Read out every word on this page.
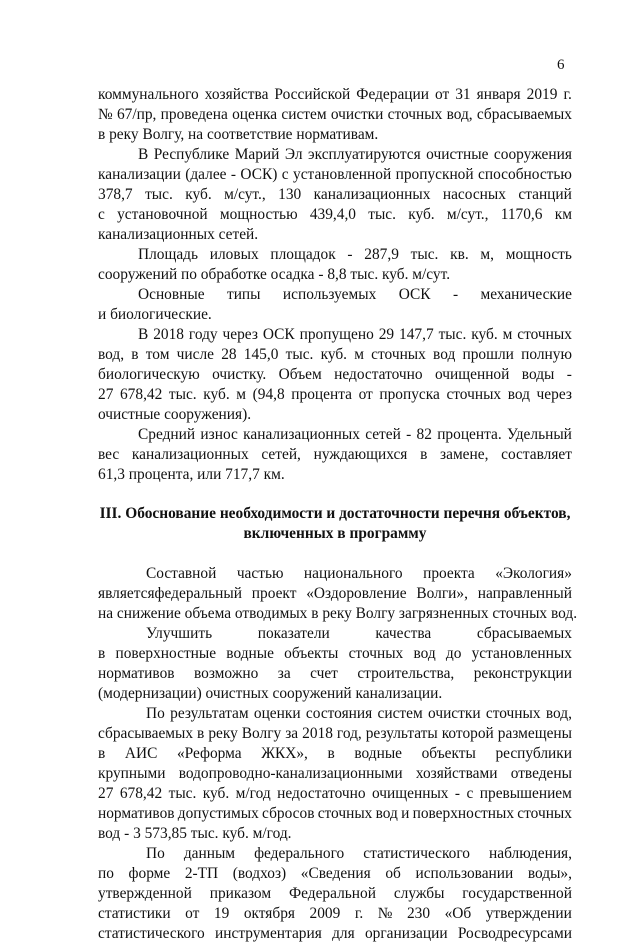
6
коммунального хозяйства Российской Федерации от 31 января 2019 г.
№ 67/пр, проведена оценка систем очистки сточных вод, сбрасываемых
в реку Волгу, на соответствие нормативам.
В Республике Марий Эл эксплуатируются очистные сооружения
канализации (далее - ОСК) с установленной пропускной способностью
378,7 тыс. куб. м/сут., 130 канализационных насосных станций
с установочной мощностью 439,4,0 тыс. куб. м/сут., 1170,6 км
канализационных сетей.
Площадь иловых площадок - 287,9 тыс. кв. м, мощность
сооружений по обработке осадка - 8,8 тыс. куб. м/сут.
Основные типы используемых ОСК - механические
и биологические.
В 2018 году через ОСК пропущено 29 147,7 тыс. куб. м сточных
вод, в том числе 28 145,0 тыс. куб. м сточных вод прошли полную
биологическую очистку. Объем недостаточно очищенной воды -
27 678,42 тыс. куб. м (94,8 процента от пропуска сточных вод через
очистные сооружения).
Средний износ канализационных сетей - 82 процента. Удельный
вес канализационных сетей, нуждающихся в замене, составляет
61,3 процента, или 717,7 км.
III. Обоснование необходимости и достаточности перечня объектов,
включенных в программу
Составной частью национального проекта «Экология»
являетсяфедеральный проект «Оздоровление Волги», направленный
на снижение объема отводимых в реку Волгу загрязненных сточных вод.
Улучшить	показатели	качества	сбрасываемых
в поверхностные водные объекты сточных вод до установленных
нормативов возможно за счет строительства, реконструкции
(модернизации) очистных сооружений канализации.
По результатам оценки состояния систем очистки сточных вод,
сбрасываемых в реку Волгу за 2018 год, результаты которой размещены
в АИС «Реформа ЖКХ», в водные объекты республики
крупными водопроводно-канализационными хозяйствами отведены
27 678,42 тыс. куб. м/год недостаточно очищенных - с превышением
нормативов допустимых сбросов сточных вод и поверхностных сточных
вод - 3 573,85 тыс. куб. м/год.
По данным федерального статистического наблюдения,
по форме 2-ТП (водхоз) «Сведения об использовании воды»,
утвержденной приказом Федеральной службы государственной
статистики от 19 октября 2009 г. № 230 «Об утверждении
статистического инструментария для организации Росводресурсами
